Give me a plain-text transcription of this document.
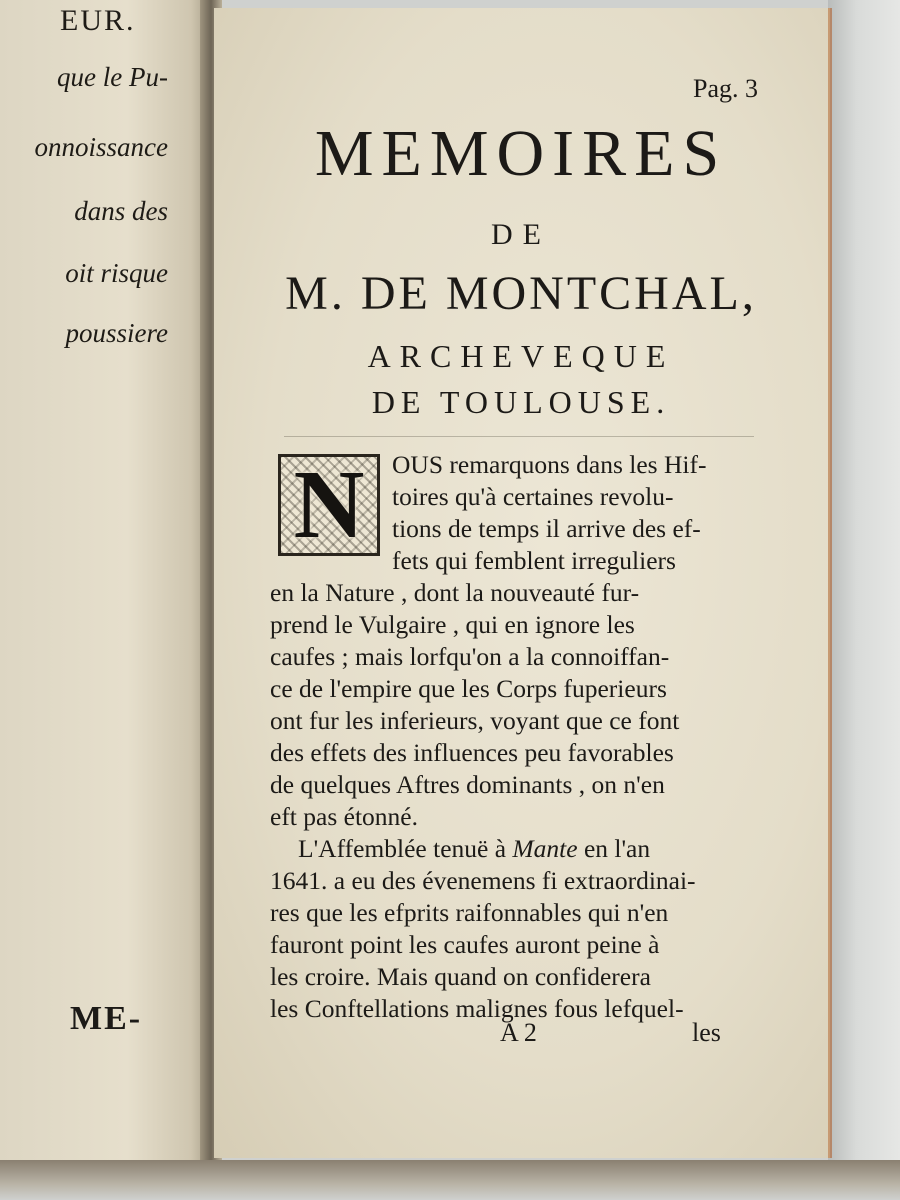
EUR.
que le Pu-
onnoissance
dans des
oit risque
poussiere
ME-
Pag. 3
MEMOIRES
DE
M. DE MONTCHAL,
ARCHEVEQUE
DE TOULOUSE.
N	OUS remarquons dans les Hif-
toires qu'à certaines revolu-
tions de temps il arrive des ef-
fets qui femblent irreguliers
en la Nature , dont la nouveauté fur-
prend le Vulgaire , qui en ignore les
caufes ; mais lorfqu'on a la connoiffan-
ce de l'empire que les Corps fuperieurs
ont fur les inferieurs, voyant que ce font
des effets des influences peu favorables
de quelques Aftres dominants , on n'en
eft pas étonné.
L'Affemblée tenuë à Mante en l'an
1641. a eu des évenemens fi extraordinai-
res que les efprits raifonnables qui n'en
fauront point les caufes auront peine à
les croire. Mais quand on confiderera
les Conftellations malignes fous lefquel-
A 2	les
